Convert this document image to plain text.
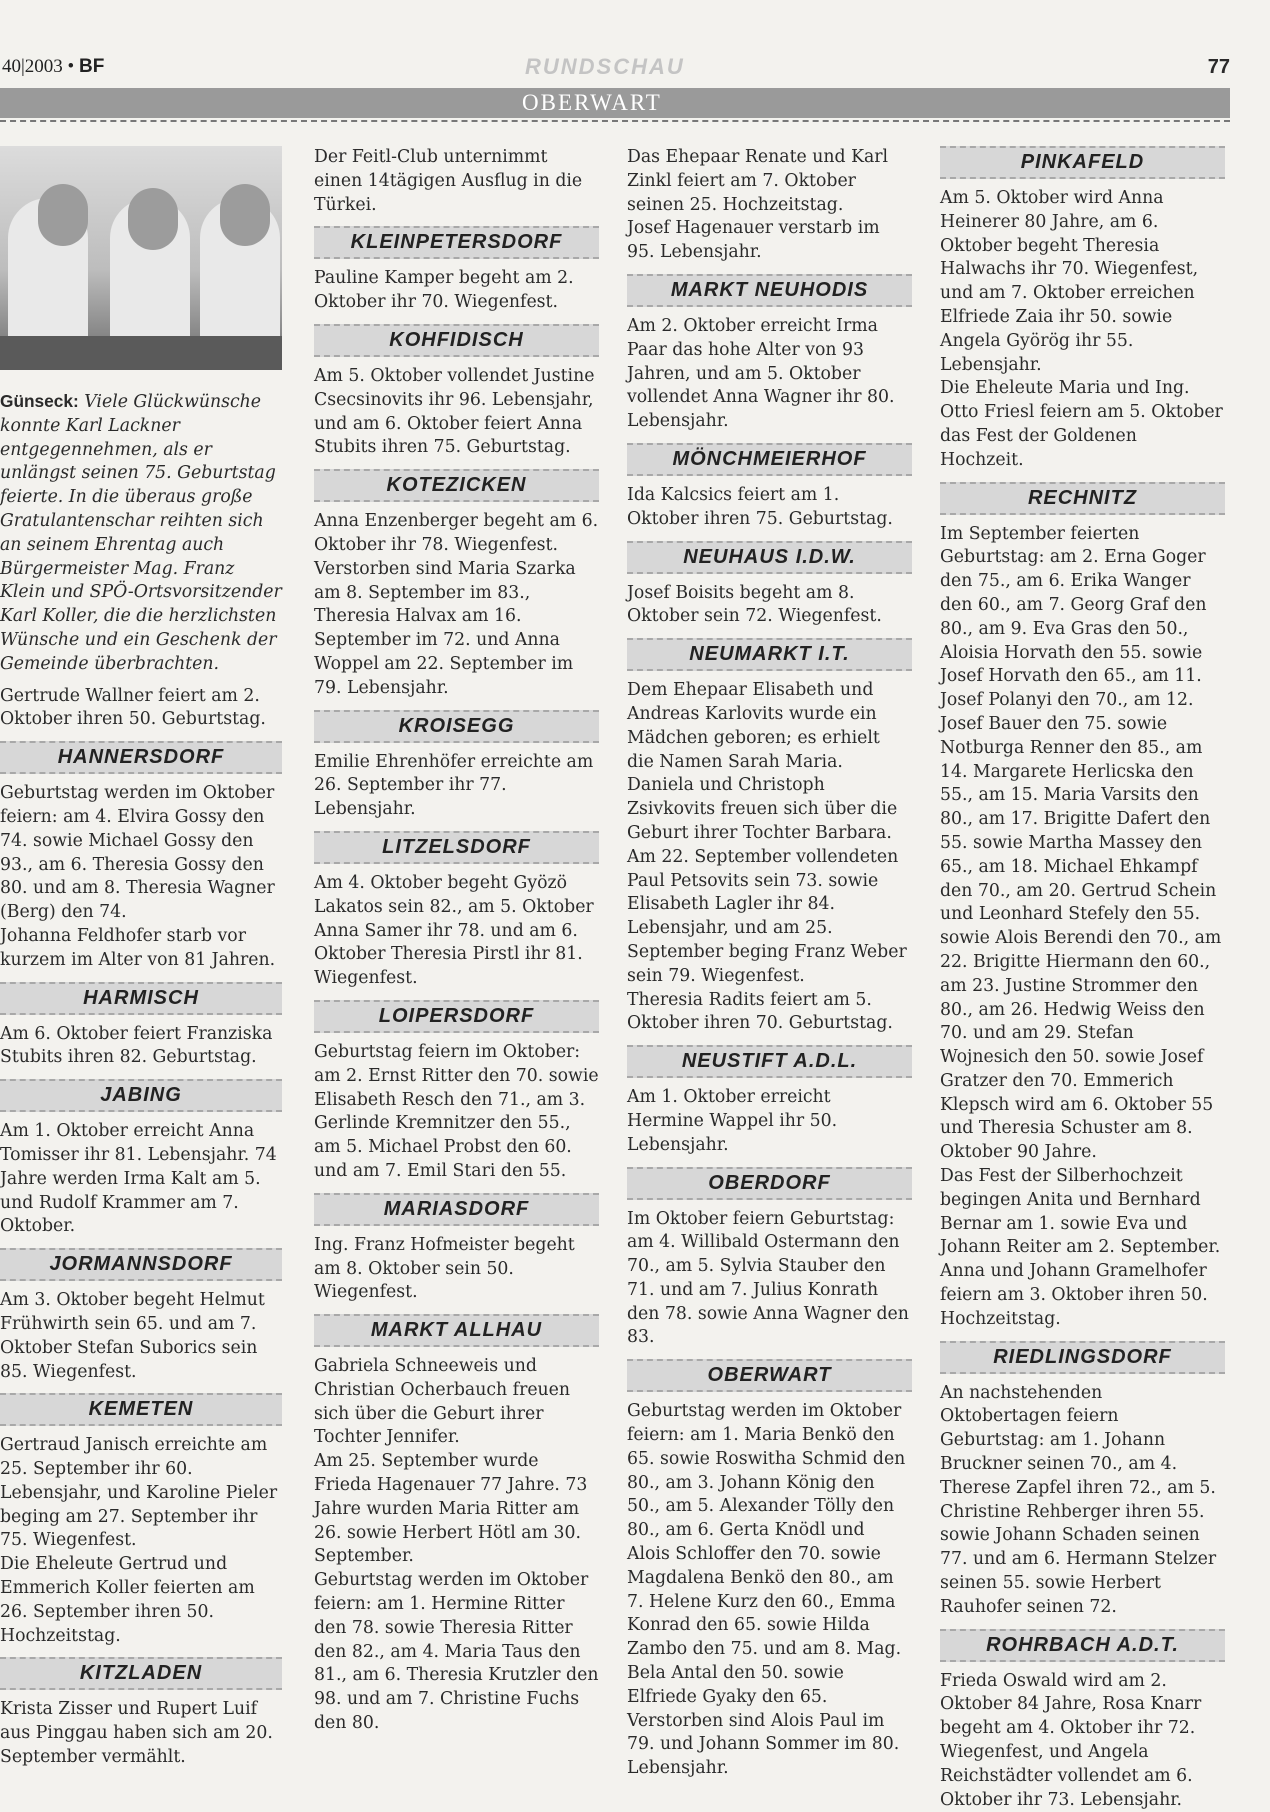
40|2003 • BF	RUNDSCHAU	77
OBERWART
Günseck: Viele Glückwünsche konnte Karl Lackner entgegennehmen, als er unlängst seinen 75. Geburtstag feierte. In die überaus große Gratulantenschar reihten sich an seinem Ehrentag auch Bürgermeister Mag. Franz Klein und SPÖ-Ortsvorsitzender Karl Koller, die die herzlichsten Wünsche und ein Geschenk der Gemeinde überbrachten.

Gertrude Wallner feiert am 2. Oktober ihren 50. Geburtstag.

HANNERSDORF

Geburtstag werden im Oktober feiern: am 4. Elvira Gossy den 74. sowie Michael Gossy den 93., am 6. Theresia Gossy den 80. und am 8. Theresia Wagner (Berg) den 74.

Johanna Feldhofer starb vor kurzem im Alter von 81 Jahren.

HARMISCH

Am 6. Oktober feiert Franziska Stubits ihren 82. Geburtstag.

JABING

Am 1. Oktober erreicht Anna Tomisser ihr 81. Lebensjahr. 74 Jahre werden Irma Kalt am 5. und Rudolf Krammer am 7. Oktober.

JORMANNSDORF

Am 3. Oktober begeht Helmut Frühwirth sein 65. und am 7. Oktober Stefan Suborics sein 85. Wiegenfest.

KEMETEN

Gertraud Janisch erreichte am 25. September ihr 60. Lebensjahr, und Karoline Pieler beging am 27. September ihr 75. Wiegenfest.

Die Eheleute Gertrud und Emmerich Koller feierten am 26. September ihren 50. Hochzeitstag.

KITZLADEN

Krista Zisser und Rupert Luif aus Pinggau haben sich am 20. September vermählt.

Der Feitl-Club unternimmt einen 14tägigen Ausflug in die Türkei.

KLEINPETERSDORF

Pauline Kamper begeht am 2. Oktober ihr 70. Wiegenfest.

KOHFIDISCH

Am 5. Oktober vollendet Justine Csecsinovits ihr 96. Lebensjahr, und am 6. Oktober feiert Anna Stubits ihren 75. Geburtstag.

KOTEZICKEN

Anna Enzenberger begeht am 6. Oktober ihr 78. Wiegenfest. Verstorben sind Maria Szarka am 8. September im 83., Theresia Halvax am 16. September im 72. und Anna Woppel am 22. September im 79. Lebensjahr.

KROISEGG

Emilie Ehrenhöfer erreichte am 26. September ihr 77. Lebensjahr.

LITZELSDORF

Am 4. Oktober begeht Gyözö Lakatos sein 82., am 5. Oktober Anna Samer ihr 78. und am 6. Oktober Theresia Pirstl ihr 81. Wiegenfest.

LOIPERSDORF

Geburtstag feiern im Oktober: am 2. Ernst Ritter den 70. sowie Elisabeth Resch den 71., am 3. Gerlinde Kremnitzer den 55., am 5. Michael Probst den 60. und am 7. Emil Stari den 55.

MARIASDORF

Ing. Franz Hofmeister begeht am 8. Oktober sein 50. Wiegenfest.

MARKT ALLHAU

Gabriela Schneeweis und Christian Ocherbauch freuen sich über die Geburt ihrer Tochter Jennifer.

Am 25. September wurde Frieda Hagenauer 77 Jahre. 73 Jahre wurden Maria Ritter am 26. sowie Herbert Hötl am 30. September.

Geburtstag werden im Oktober feiern: am 1. Hermine Ritter den 78. sowie Theresia Ritter den 82., am 4. Maria Taus den 81., am 6. Theresia Krutzler den 98. und am 7. Christine Fuchs den 80.

Das Ehepaar Renate und Karl Zinkl feiert am 7. Oktober seinen 25. Hochzeitstag.

Josef Hagenauer verstarb im 95. Lebensjahr.

MARKT NEUHODIS

Am 2. Oktober erreicht Irma Paar das hohe Alter von 93 Jahren, und am 5. Oktober vollendet Anna Wagner ihr 80. Lebensjahr.

MÖNCHMEIERHOF

Ida Kalcsics feiert am 1. Oktober ihren 75. Geburtstag.

NEUHAUS I.D.W.

Josef Boisits begeht am 8. Oktober sein 72. Wiegenfest.

NEUMARKT I.T.

Dem Ehepaar Elisabeth und Andreas Karlovits wurde ein Mädchen geboren; es erhielt die Namen Sarah Maria. Daniela und Christoph Zsivkovits freuen sich über die Geburt ihrer Tochter Barbara.

Am 22. September vollendeten Paul Petsovits sein 73. sowie Elisabeth Lagler ihr 84. Lebensjahr, und am 25. September beging Franz Weber sein 79. Wiegenfest.

Theresia Radits feiert am 5. Oktober ihren 70. Geburtstag.

NEUSTIFT A.D.L.

Am 1. Oktober erreicht Hermine Wappel ihr 50. Lebensjahr.

OBERDORF

Im Oktober feiern Geburtstag: am 4. Willibald Ostermann den 70., am 5. Sylvia Stauber den 71. und am 7. Julius Konrath den 78. sowie Anna Wagner den 83.

OBERWART

Geburtstag werden im Oktober feiern: am 1. Maria Benkö den 65. sowie Roswitha Schmid den 80., am 3. Johann König den 50., am 5. Alexander Tölly den 80., am 6. Gerta Knödl und Alois Schloffer den 70. sowie Magdalena Benkö den 80., am 7. Helene Kurz den 60., Emma Konrad den 65. sowie Hilda Zambo den 75. und am 8. Mag. Bela Antal den 50. sowie Elfriede Gyaky den 65.

Verstorben sind Alois Paul im 79. und Johann Sommer im 80. Lebensjahr.

PINKAFELD

Am 5. Oktober wird Anna Heinerer 80 Jahre, am 6. Oktober begeht Theresia Halwachs ihr 70. Wiegenfest, und am 7. Oktober erreichen Elfriede Zaia ihr 50. sowie Angela Györög ihr 55. Lebensjahr.

Die Eheleute Maria und Ing. Otto Friesl feiern am 5. Oktober das Fest der Goldenen Hochzeit.

RECHNITZ

Im September feierten Geburtstag: am 2. Erna Goger den 75., am 6. Erika Wanger den 60., am 7. Georg Graf den 80., am 9. Eva Gras den 50., Aloisia Horvath den 55. sowie Josef Horvath den 65., am 11. Josef Polanyi den 70., am 12. Josef Bauer den 75. sowie Notburga Renner den 85., am 14. Margarete Herlicska den 55., am 15. Maria Varsits den 80., am 17. Brigitte Dafert den 55. sowie Martha Massey den 65., am 18. Michael Ehkampf den 70., am 20. Gertrud Schein und Leonhard Stefely den 55. sowie Alois Berendi den 70., am 22. Brigitte Hiermann den 60., am 23. Justine Strommer den 80., am 26. Hedwig Weiss den 70. und am 29. Stefan Wojnesich den 50. sowie Josef Gratzer den 70. Emmerich Klepsch wird am 6. Oktober 55 und Theresia Schuster am 8. Oktober 90 Jahre.

Das Fest der Silberhochzeit begingen Anita und Bernhard Bernar am 1. sowie Eva und Johann Reiter am 2. September.

Anna und Johann Gramelhofer feiern am 3. Oktober ihren 50. Hochzeitstag.

RIEDLINGSDORF

An nachstehenden Oktobertagen feiern Geburtstag: am 1. Johann Bruckner seinen 70., am 4. Therese Zapfel ihren 72., am 5. Christine Rehberger ihren 55. sowie Johann Schaden seinen 77. und am 6. Hermann Stelzer seinen 55. sowie Herbert Rauhofer seinen 72.

ROHRBACH A.D.T.

Frieda Oswald wird am 2. Oktober 84 Jahre, Rosa Knarr begeht am 4. Oktober ihr 72. Wiegenfest, und Angela Reichstädter vollendet am 6. Oktober ihr 73. Lebensjahr.
